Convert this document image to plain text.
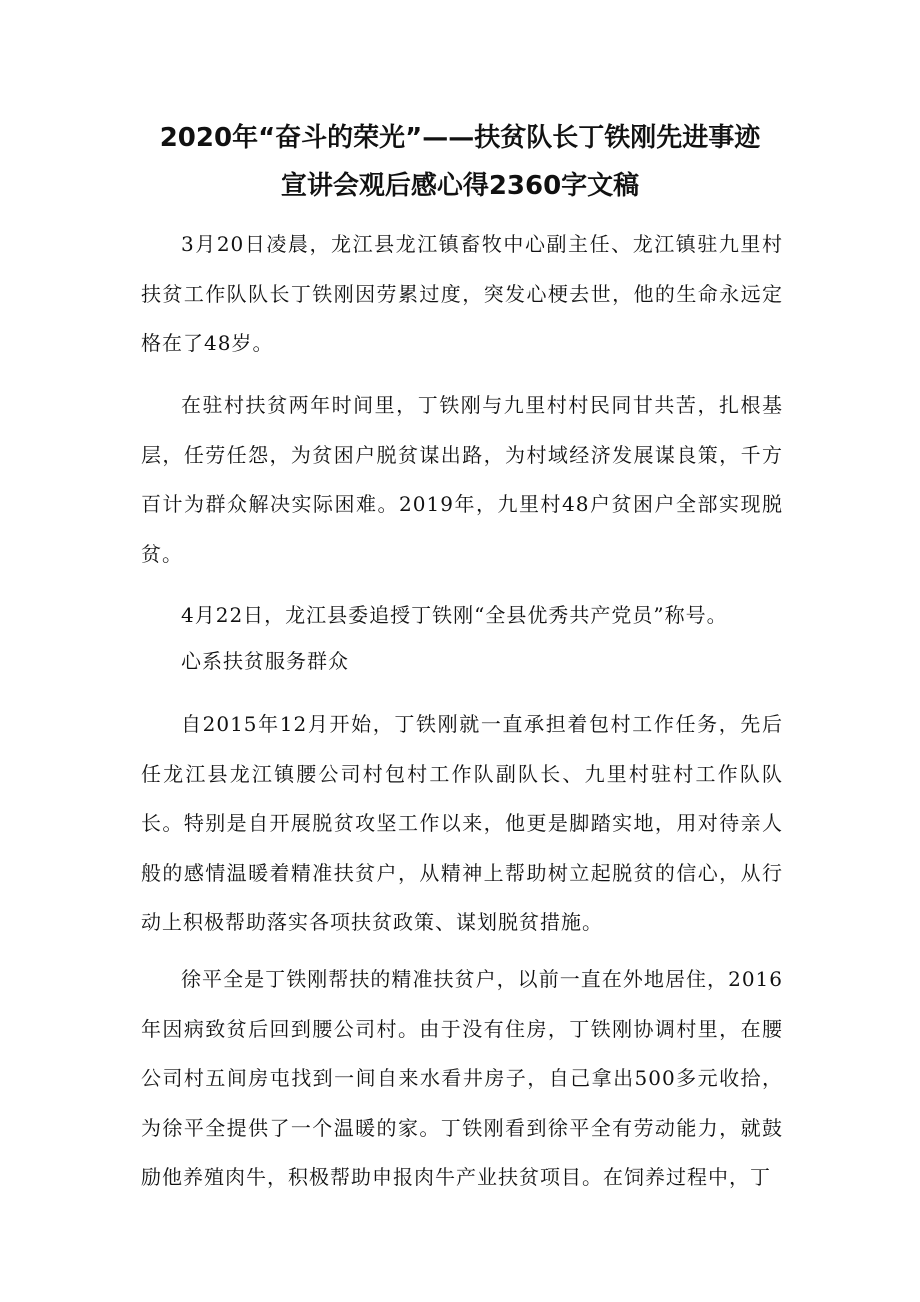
2020年“奋斗的荣光”——扶贫队长丁铁刚先进事迹
宣讲会观后感心得2360字文稿

3月20日凌晨，龙江县龙江镇畜牧中心副主任、龙江镇驻九里村扶贫工作队队长丁铁刚因劳累过度，突发心梗去世，他的生命永远定格在了48岁。

在驻村扶贫两年时间里，丁铁刚与九里村村民同甘共苦，扎根基层，任劳任怨，为贫困户脱贫谋出路，为村域经济发展谋良策，千方百计为群众解决实际困难。2019年，九里村48户贫困户全部实现脱贫。

4月22日，龙江县委追授丁铁刚“全县优秀共产党员”称号。

心系扶贫服务群众

自2015年12月开始，丁铁刚就一直承担着包村工作任务，先后任龙江县龙江镇腰公司村包村工作队副队长、九里村驻村工作队队长。特别是自开展脱贫攻坚工作以来，他更是脚踏实地，用对待亲人般的感情温暖着精准扶贫户，从精神上帮助树立起脱贫的信心，从行动上积极帮助落实各项扶贫政策、谋划脱贫措施。

徐平全是丁铁刚帮扶的精准扶贫户，以前一直在外地居住，2016年因病致贫后回到腰公司村。由于没有住房，丁铁刚协调村里，在腰公司村五间房屯找到一间自来水看井房子，自己拿出500多元收拾，为徐平全提供了一个温暖的家。丁铁刚看到徐平全有劳动能力，就鼓励他养殖肉牛，积极帮助申报肉牛产业扶贫项目。在饲养过程中，丁
